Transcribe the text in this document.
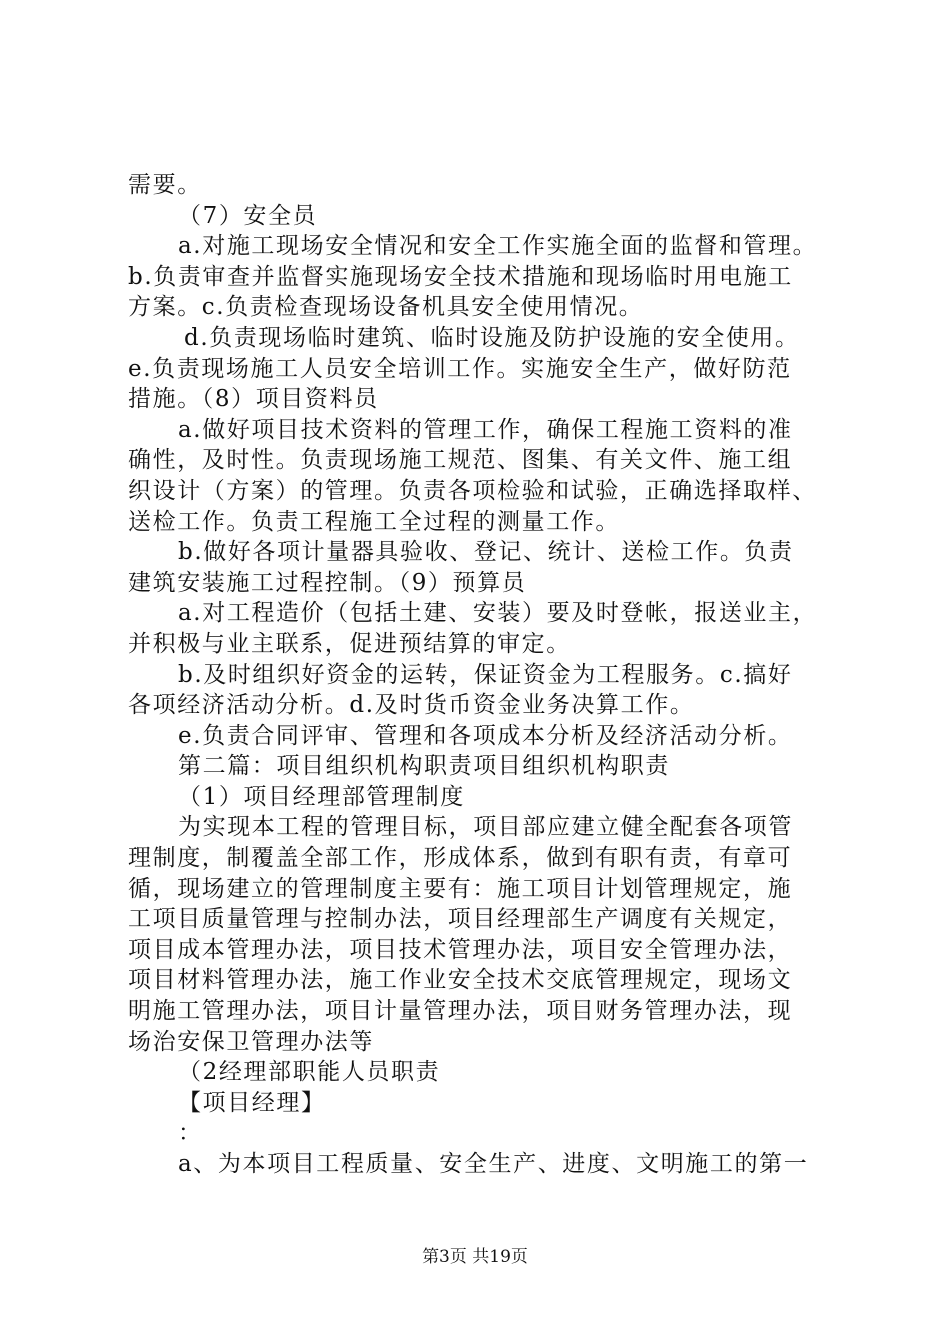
需要。
（7）安全员
a.对施工现场安全情况和安全工作实施全面的监督和管理。
b.负责审查并监督实施现场安全技术措施和现场临时用电施工
方案。c.负责检查现场设备机具安全使用情况。
d.负责现场临时建筑、临时设施及防护设施的安全使用。
e.负责现场施工人员安全培训工作。实施安全生产，做好防范
措施。（8）项目资料员
a.做好项目技术资料的管理工作，确保工程施工资料的准
确性，及时性。负责现场施工规范、图集、有关文件、施工组
织设计（方案）的管理。负责各项检验和试验，正确选择取样、
送检工作。负责工程施工全过程的测量工作。
b.做好各项计量器具验收、登记、统计、送检工作。负责
建筑安装施工过程控制。（9）预算员
a.对工程造价（包括土建、安装）要及时登帐，报送业主，
并积极与业主联系，促进预结算的审定。
b.及时组织好资金的运转，保证资金为工程服务。c.搞好
各项经济活动分析。d.及时货币资金业务决算工作。
e.负责合同评审、管理和各项成本分析及经济活动分析。
第二篇：项目组织机构职责项目组织机构职责
（1）项目经理部管理制度
为实现本工程的管理目标，项目部应建立健全配套各项管
理制度，制覆盖全部工作，形成体系，做到有职有责，有章可
循，现场建立的管理制度主要有：施工项目计划管理规定，施
工项目质量管理与控制办法，项目经理部生产调度有关规定，
项目成本管理办法，项目技术管理办法，项目安全管理办法，
项目材料管理办法，施工作业安全技术交底管理规定，现场文
明施工管理办法，项目计量管理办法，项目财务管理办法，现
场治安保卫管理办法等
（2经理部职能人员职责
【项目经理】
：
a、为本项目工程质量、安全生产、进度、文明施工的第一
第3页 共19页
